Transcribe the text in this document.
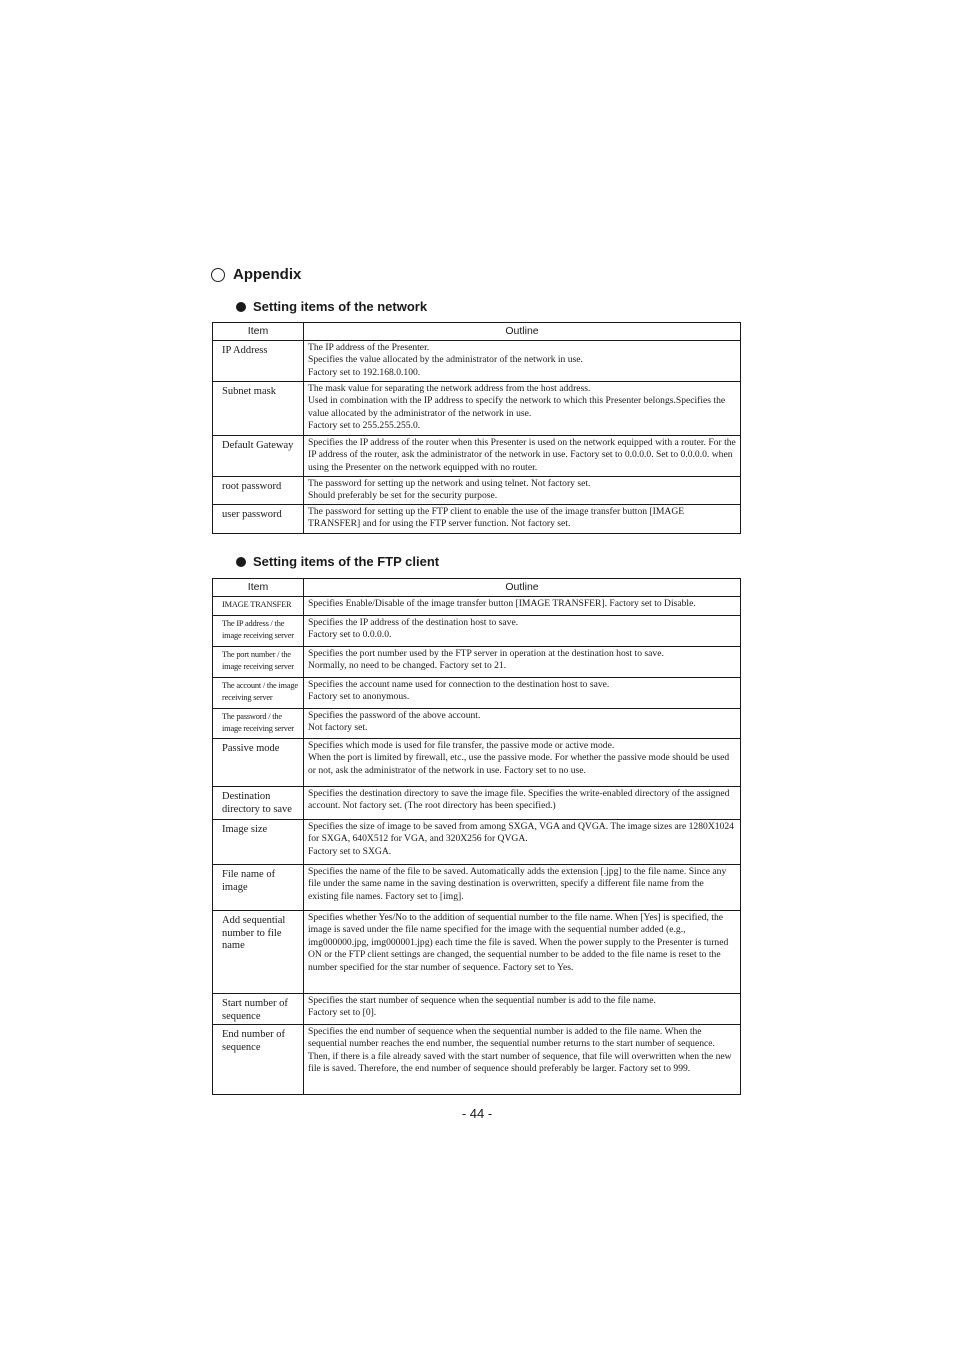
Appendix
Setting items of the network
Item	Outline
IP Address	The IP address of the Presenter.
Specifies the value allocated by the administrator of the network in use.
Factory set to 192.168.0.100.
Subnet mask	The mask value for separating the network address from the host address.
Used in combination with the IP address to specify the network to which this Presenter belongs.Specifies the value allocated by the administrator of the network in use.
Factory set to 255.255.255.0.
Default Gateway	Specifies the IP address of the router when this Presenter is used on the network equipped with a router. For the IP address of the router, ask the administrator of the network in use. Factory set to 0.0.0.0. Set to 0.0.0.0. when using the Presenter on the network equipped with no router.
root password	The password for setting up the network and using telnet. Not factory set.
Should preferably be set for the security purpose.
user password	The password for setting up the FTP client to enable the use of the image transfer button [IMAGE TRANSFER] and for using the FTP server function. Not factory set.
Setting items of the FTP client
Item	Outline
IMAGE TRANSFER	Specifies Enable/Disable of the image transfer button [IMAGE TRANSFER]. Factory set to Disable.
The IP address / the image receiving server	Specifies the IP address of the destination host to save.
Factory set to 0.0.0.0.
The port number / the image receiving server	Specifies the port number used by the FTP server in operation at the destination host to save.
Normally, no need to be changed. Factory set to 21.
The account / the image receiving server	Specifies the account name used for connection to the destination host to save.
Factory set to anonymous.
The password / the image receiving server	Specifies the password of the above account.
Not factory set.
Passive mode	Specifies which mode is used for file transfer, the passive mode or active mode.
When the port is limited by firewall, etc., use the passive mode. For whether the passive mode should be used or not, ask the administrator of the network in use. Factory set to no use.
Destination directory to save	Specifies the destination directory to save the image file. Specifies the write-enabled directory of the assigned account. Not factory set. (The root directory has been specified.)
Image size	Specifies the size of image to be saved from among SXGA, VGA and QVGA. The image sizes are 1280X1024 for SXGA, 640X512 for VGA, and 320X256 for QVGA.
Factory set to SXGA.
File name of image	Specifies the name of the file to be saved. Automatically adds the extension [.jpg] to the file name. Since any file under the same name in the saving destination is overwritten, specify a different file name from the existing file names. Factory set to [img].
Add sequential number to file name	Specifies whether Yes/No to the addition of sequential number to the file name. When [Yes] is specified, the image is saved under the file name specified for the image with the sequential number added (e.g., img000000.jpg, img000001.jpg) each time the file is saved. When the power supply to the Presenter is turned ON or the FTP client settings are changed, the sequential number to be added to the file name is reset to the number specified for the star number of sequence. Factory set to Yes.
Start number of sequence	Specifies the start number of sequence when the sequential number is add to the file name.
Factory set to [0].
End number of sequence	Specifies the end number of sequence when the sequential number is added to the file name. When the sequential number reaches the end number, the sequential number returns to the start number of sequence. Then, if there is a file already saved with the start number of sequence, that file will overwritten when the new file is saved. Therefore, the end number of sequence should preferably be larger. Factory set to 999.
- 44 -
